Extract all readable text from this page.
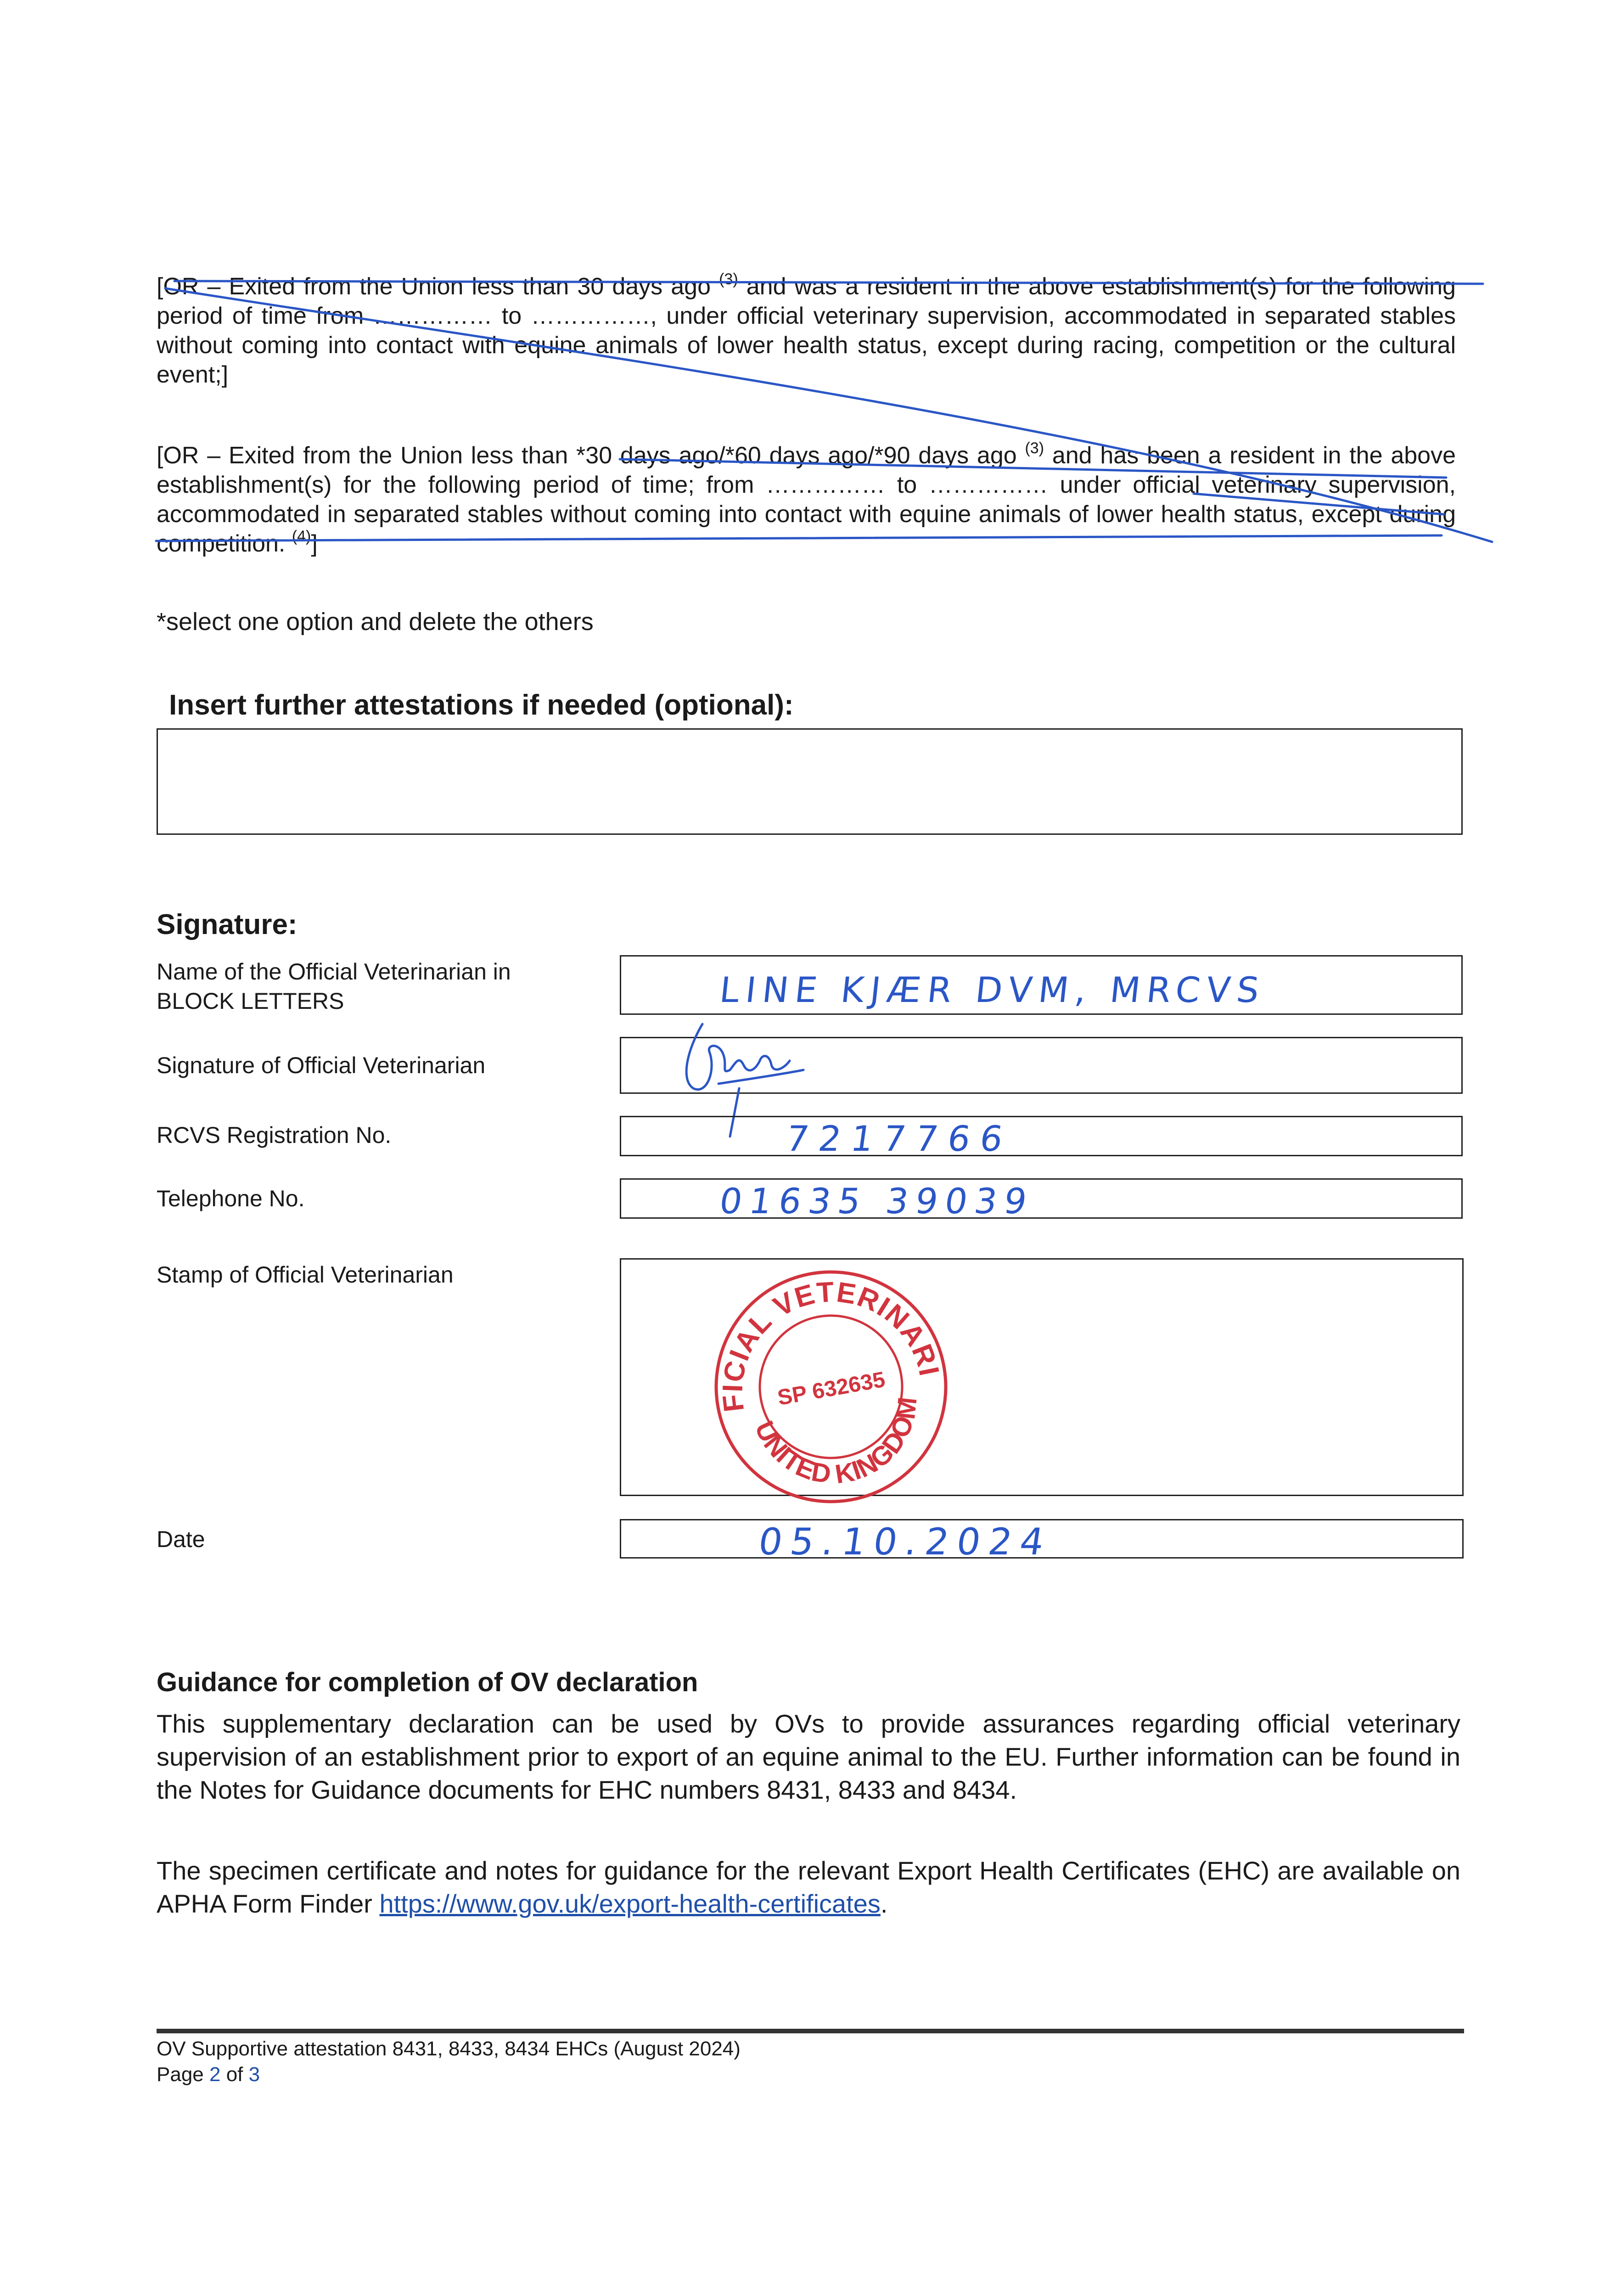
[OR – Exited from the Union less than 30 days ago $^{(3)}$ and was a resident in the above establishment(s) for the following period of time from …………… to ……………, under official veterinary supervision, accommodated in separated stables without coming into contact with equine animals of lower health status, except during racing, competition or the cultural event;]
[OR – Exited from the Union less than *30 days ago/*60 days ago/*90 days ago $^{(3)}$ and has been a resident in the above establishment(s) for the following period of time; from …………… to …………… under official veterinary supervision, accommodated in separated stables without coming into contact with equine animals of lower health status, except during competition. $^{(4)}$]
*select one option and delete the others
Insert further attestations if needed (optional):
Signature:
Name of the Official Veterinarian in BLOCK LETTERS	LINE KJÆR DVM, MRCVS
Signature of Official Veterinarian
RCVS Registration No.	7217766
Telephone No.	01635 39039
Stamp of Official Veterinarian	OFFICIAL VETERINARIAN
UNITED KINGDOM
SP 632635
Date	05.10.2024
Guidance for completion of OV declaration
This supplementary declaration can be used by OVs to provide assurances regarding official veterinary supervision of an establishment prior to export of an equine animal to the EU. Further information can be found in the Notes for Guidance documents for EHC numbers 8431, 8433 and 8434.
The specimen certificate and notes for guidance for the relevant Export Health Certificates (EHC) are available on APHA Form Finder https://www.gov.uk/export-health-certificates.
OV Supportive attestation 8431, 8433, 8434 EHCs (August 2024)
Page 2 of 3
